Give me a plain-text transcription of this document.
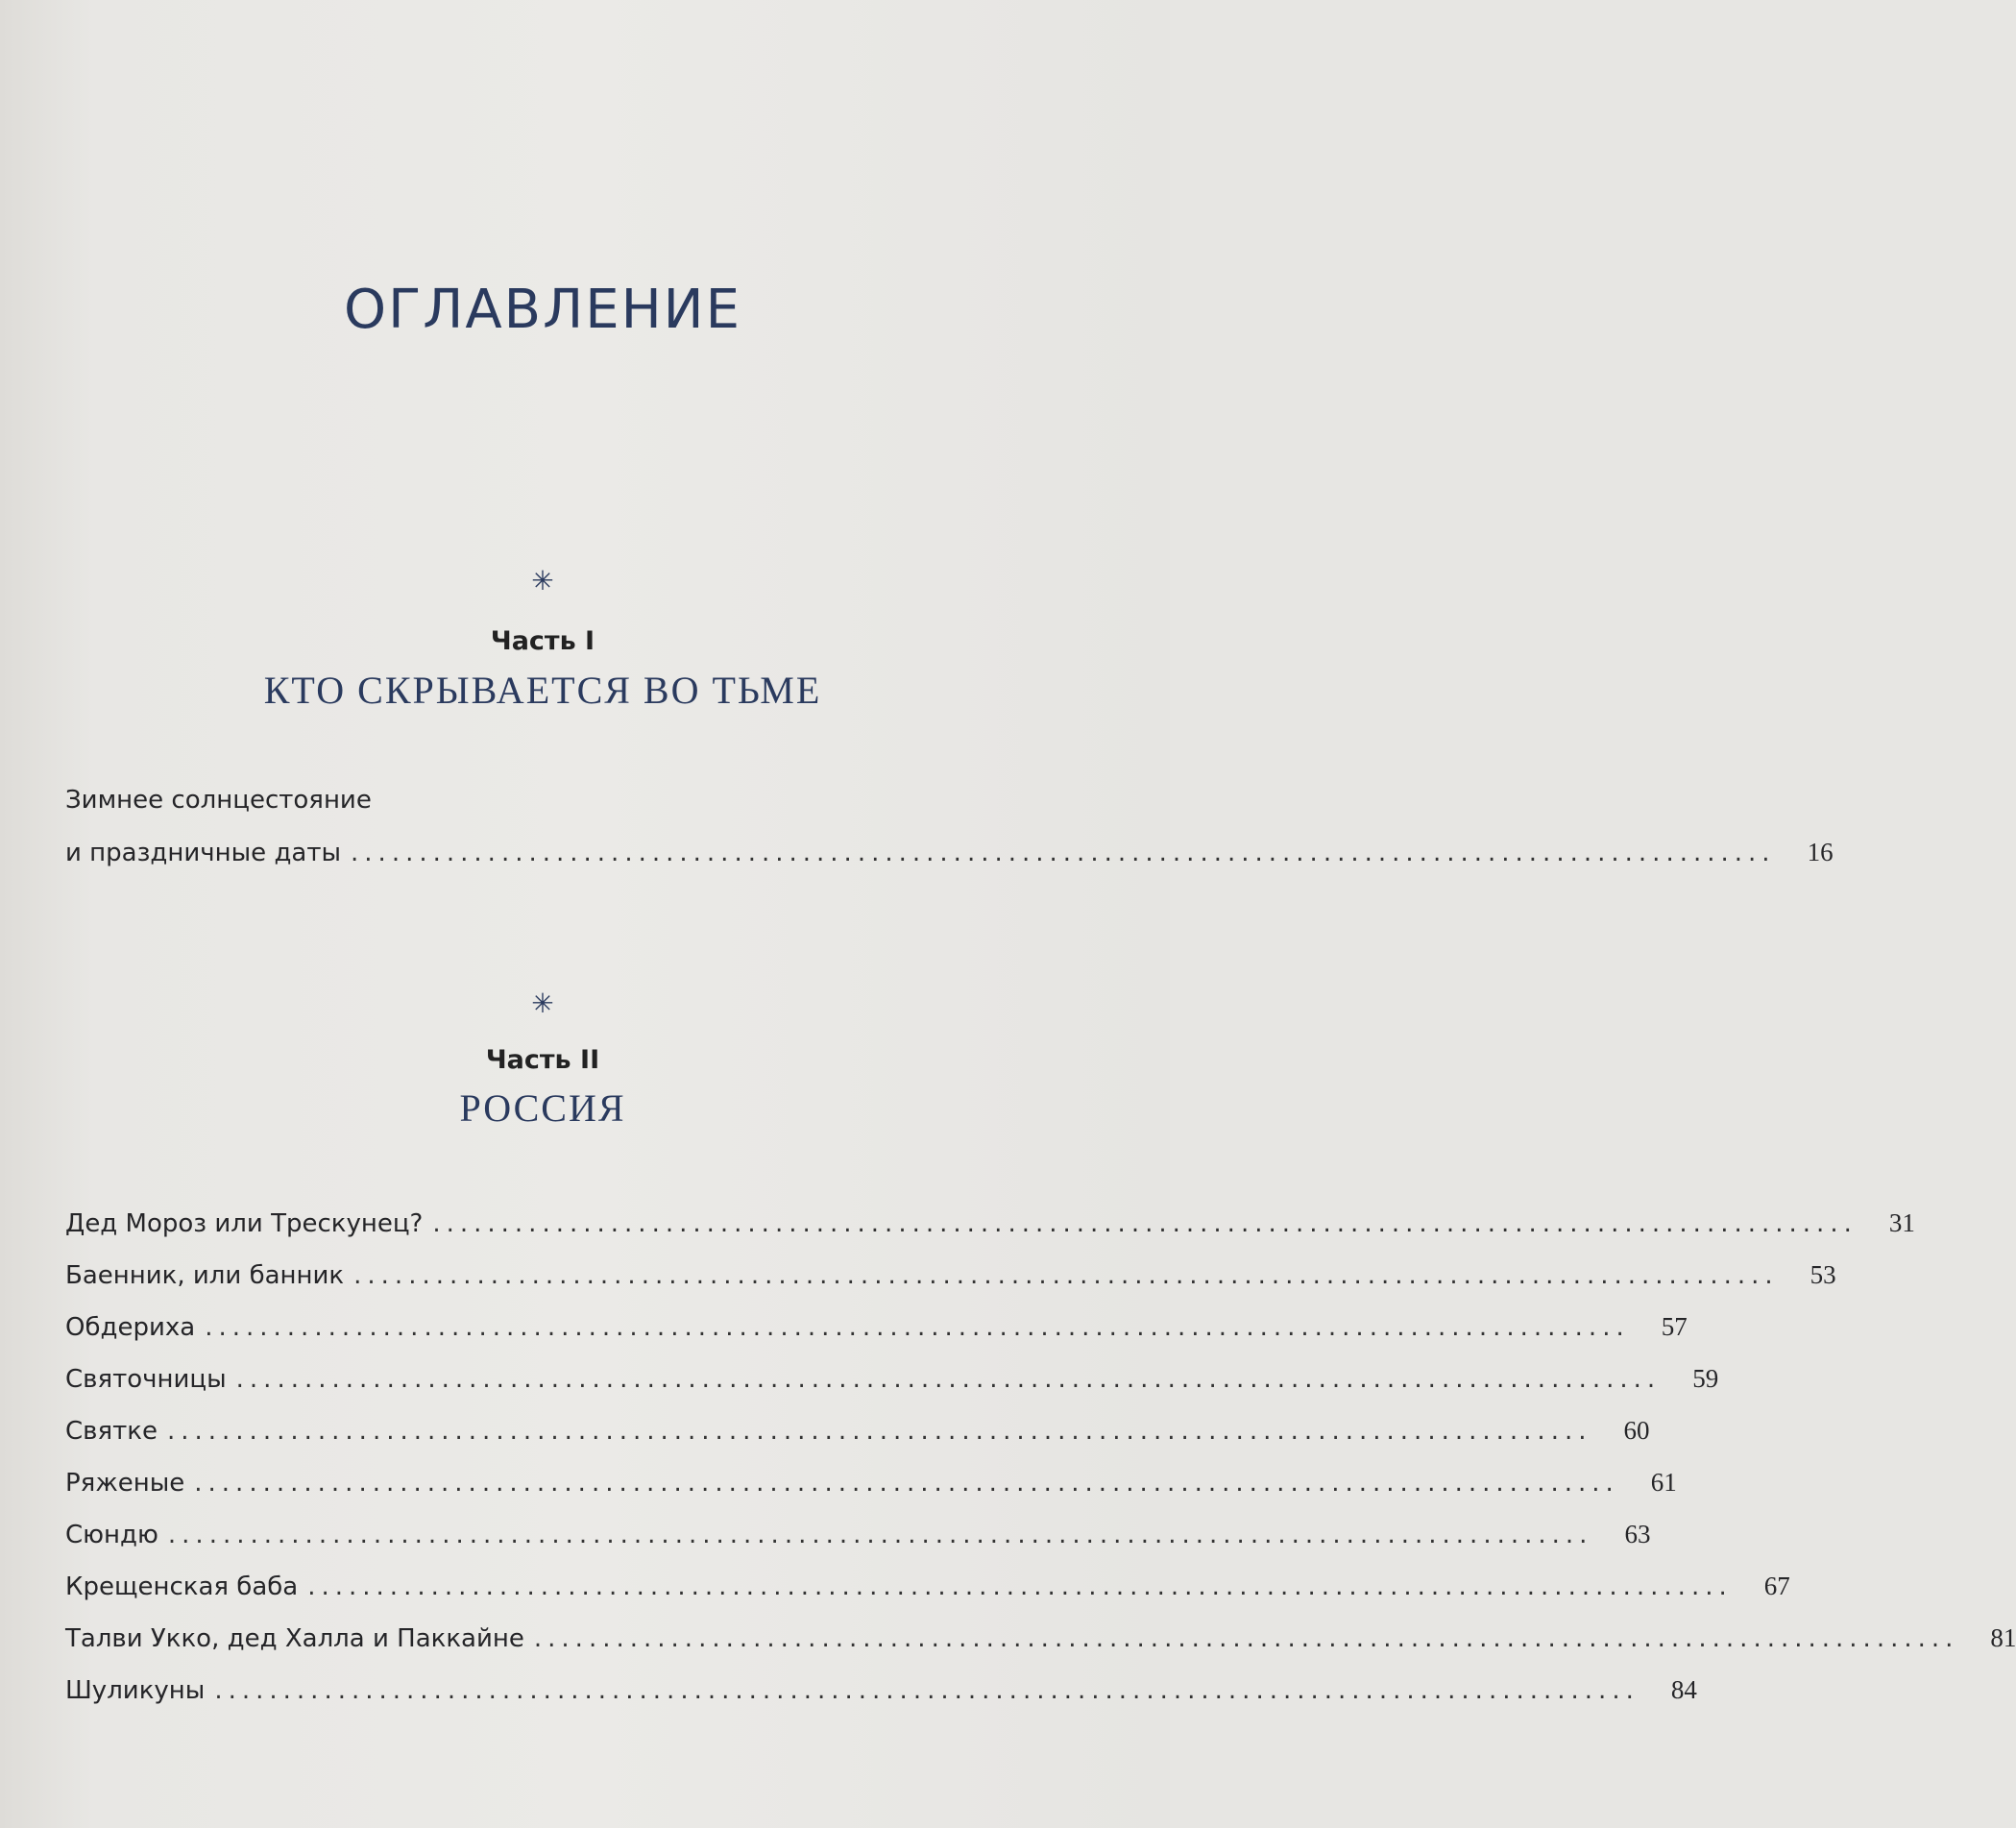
ОГЛАВЛЕНИЕ
✳
Часть I
КТО СКРЫВАЕТСЯ ВО ТЬМЕ
Зимнее солнцестояние
и праздничные даты ........................................................................................................	16
✳
Часть II
РОССИЯ
Дед Мороз или Трескунец? ........................................................................................................	31
Баенник, или банник ........................................................................................................	53
Обдериха ........................................................................................................	57
Святочницы ........................................................................................................	59
Святке ........................................................................................................	60
Ряженые ........................................................................................................	61
Сюндю ........................................................................................................	63
Крещенская баба ........................................................................................................	67
Талви Укко, дед Халла и Паккайне ........................................................................................................	81
Шуликуны ........................................................................................................	84
